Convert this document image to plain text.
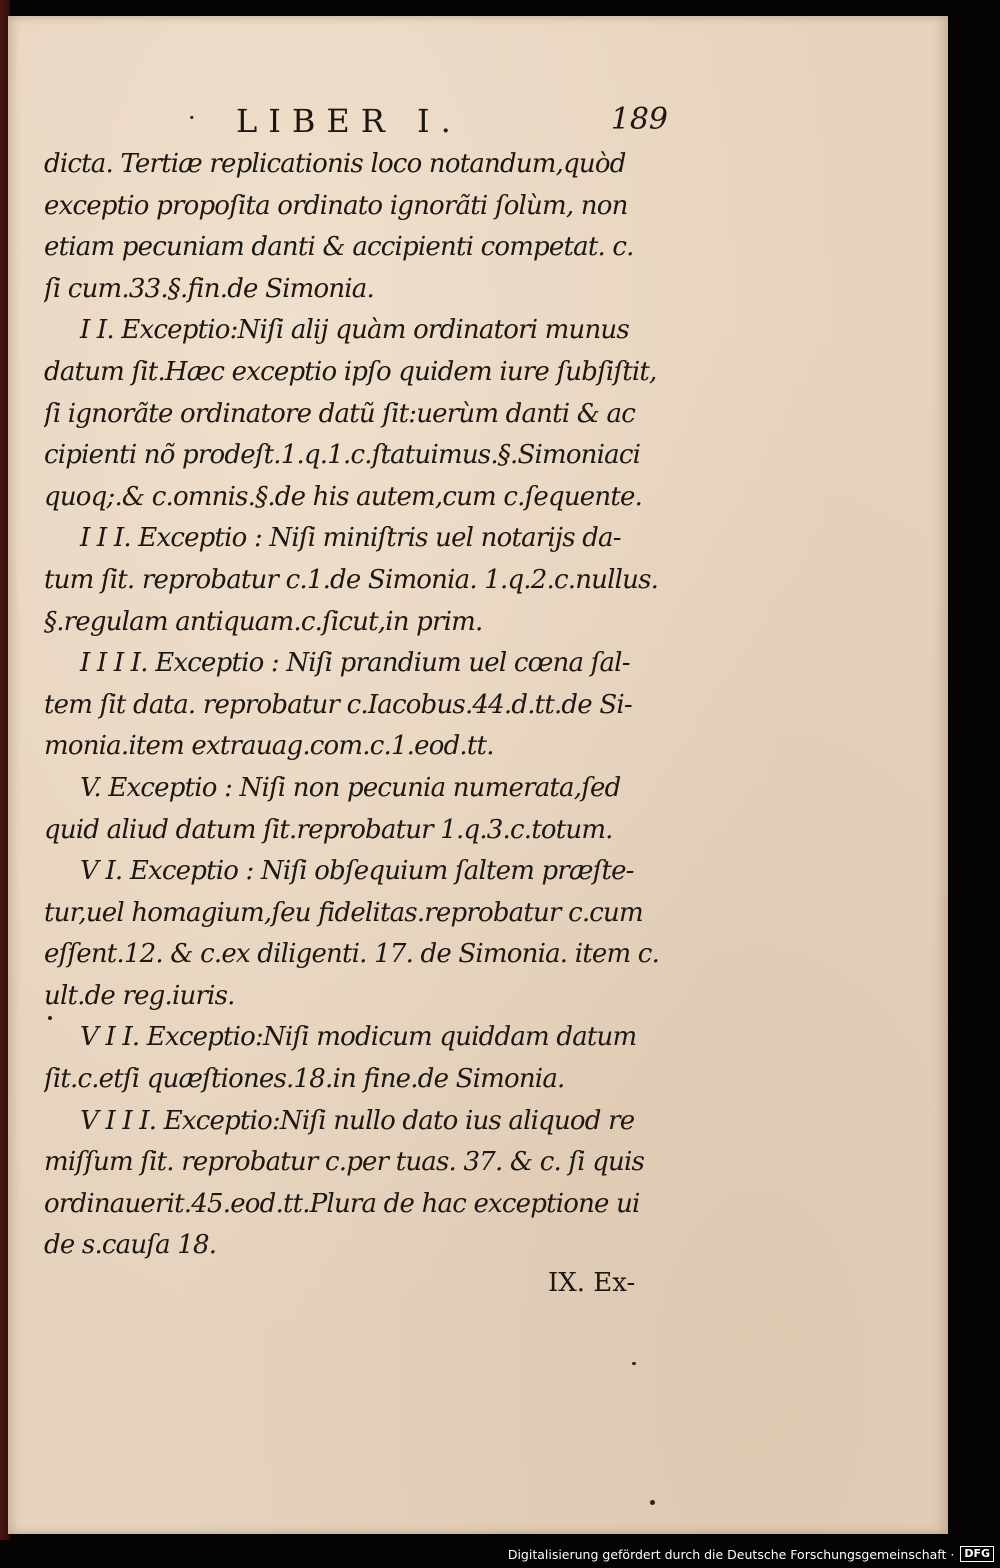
· LIBER I.	189
dicta. Tertiæ replicationis loco notandum,quòd
exceptio propoſita ordinato ignorãti ſolùm, non
etiam pecuniam danti & accipienti competat. c.
ſi cum.33.§.fin.de Simonia.
I I. Exceptio:Niſi alij quàm ordinatori munus
datum ſit.Hæc exceptio ipſo quidem iure ſubſiſtit,
ſi ignorãte ordinatore datũ ſit:uerùm danti & ac
cipienti nõ prodeſt.1.q.1.c.ſtatuimus.§.Simoniaci
quoq;.& c.omnis.§.de his autem,cum c.ſequente.
I I I. Exceptio : Niſi miniſtris uel notarijs da-
tum ſit. reprobatur c.1.de Simonia. 1.q.2.c.nullus.
§.regulam antiquam.c.ſicut,in prim.
I I I I. Exceptio : Niſi prandium uel cœna ſal-
tem ſit data. reprobatur c.Iacobus.44.d.tt.de Si-
monia.item extrauag.com.c.1.eod.tt.
V. Exceptio : Niſi non pecunia numerata,ſed
quid aliud datum ſit.reprobatur 1.q.3.c.totum.
V I. Exceptio : Niſi obſequium ſaltem præſte-
tur,uel homagium,ſeu fidelitas.reprobatur c.cum
eſſent.12. & c.ex diligenti. 17. de Simonia. item c.
ult.de reg.iuris.
V I I. Exceptio:Niſi modicum quiddam datum
ſit.c.etſi quæſtiones.18.in fine.de Simonia.
V I I I. Exceptio:Niſi nullo dato ius aliquod re
miſſum ſit. reprobatur c.per tuas. 37. & c. ſi quis
ordinauerit.45.eod.tt.Plura de hac exceptione ui
de s.cauſa 18.
IX. Ex-
Digitalisierung gefördert durch die Deutsche Forschungsgemeinschaft · DFG
